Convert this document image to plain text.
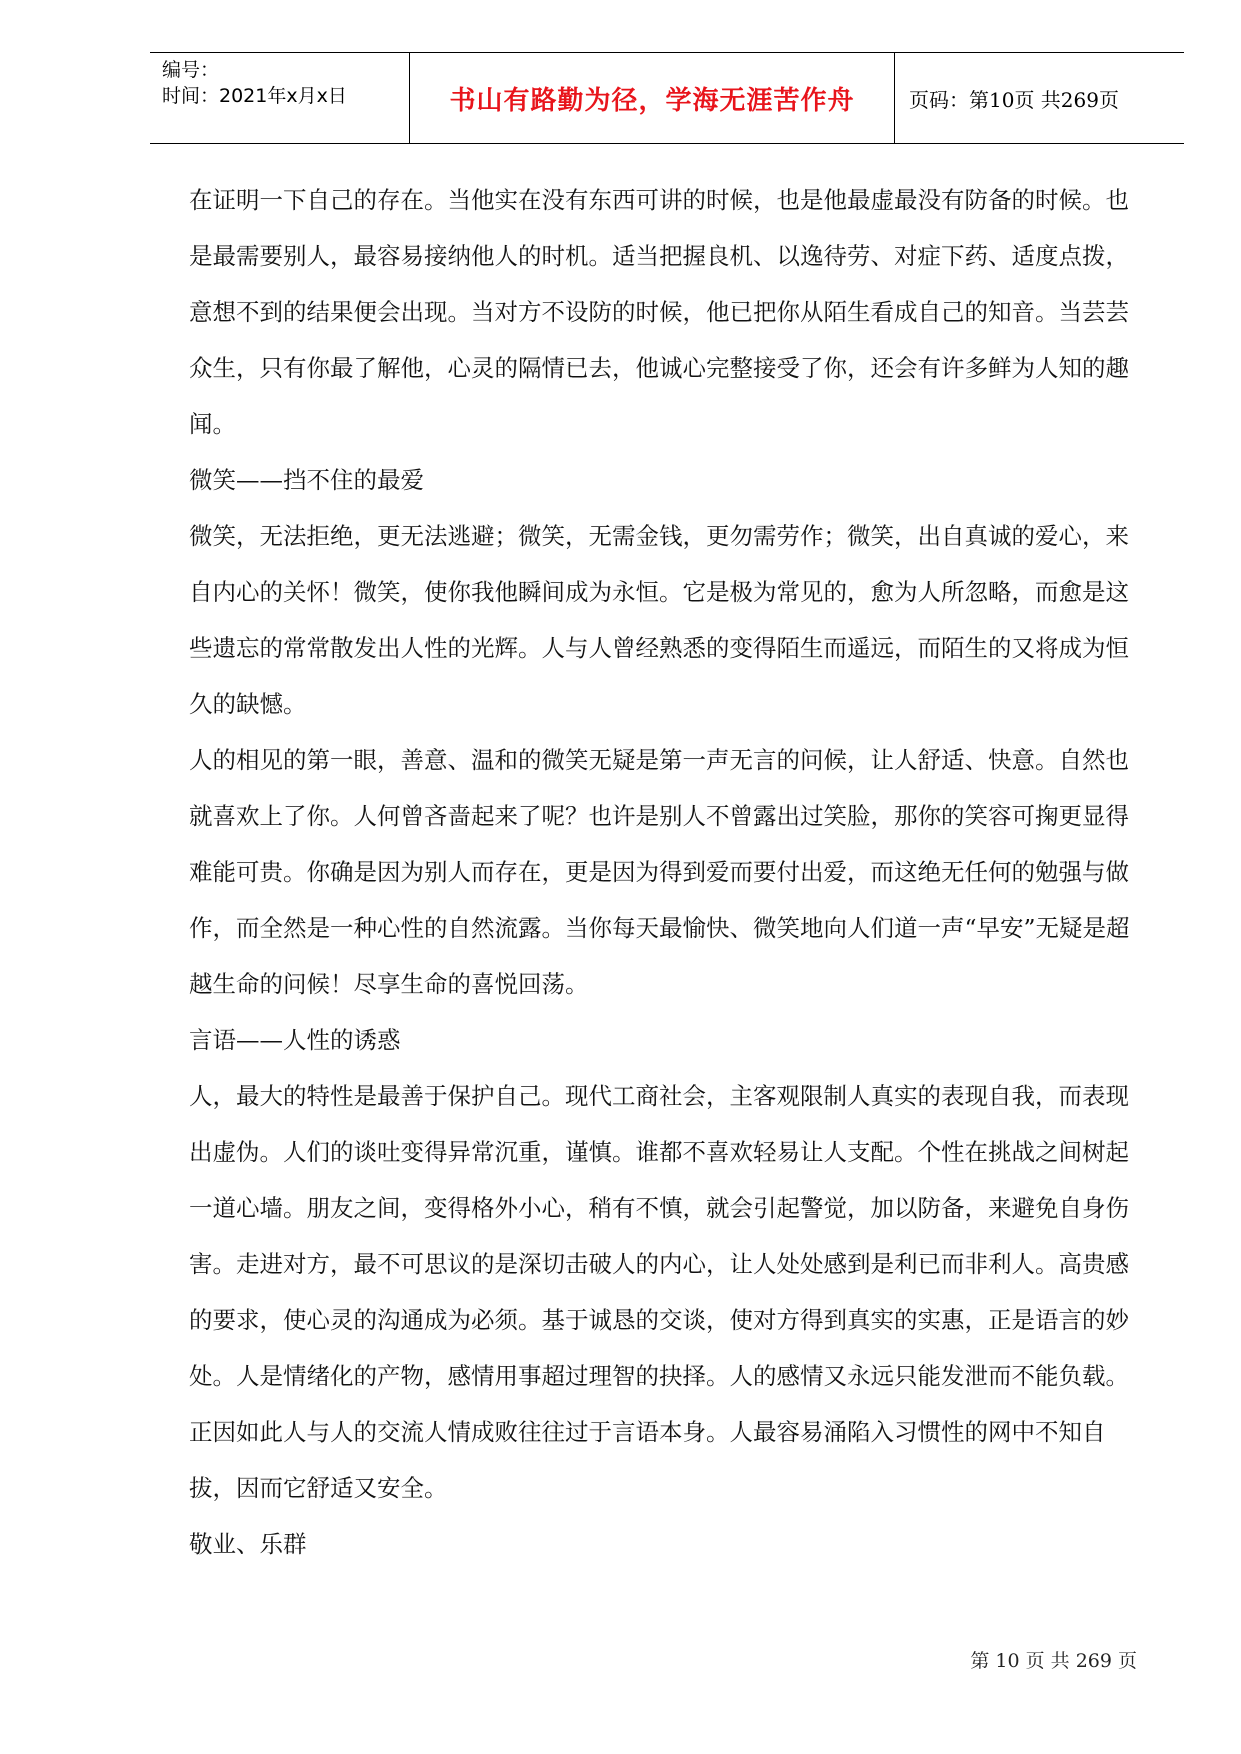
编号：
时间：2021年x月x日	书山有路勤为径，学海无涯苦作舟	页码：第10页 共269页

在证明一下自己的存在。当他实在没有东西可讲的时候，也是他最虚最没有防备的时候。也是最需要别人，最容易接纳他人的时机。适当把握良机、以逸待劳、对症下药、适度点拨，意想不到的结果便会出现。当对方不设防的时候，他已把你从陌生看成自己的知音。当芸芸众生，只有你最了解他，心灵的隔情已去，他诚心完整接受了你，还会有许多鲜为人知的趣闻。

微笑——挡不住的最爱

微笑，无法拒绝，更无法逃避；微笑，无需金钱，更勿需劳作；微笑，出自真诚的爱心，来自内心的关怀！微笑，使你我他瞬间成为永恒。它是极为常见的，愈为人所忽略，而愈是这些遗忘的常常散发出人性的光辉。人与人曾经熟悉的变得陌生而遥远，而陌生的又将成为恒久的缺憾。

人的相见的第一眼，善意、温和的微笑无疑是第一声无言的问候，让人舒适、快意。自然也就喜欢上了你。人何曾吝啬起来了呢？也许是别人不曾露出过笑脸，那你的笑容可掬更显得难能可贵。你确是因为别人而存在，更是因为得到爱而要付出爱，而这绝无任何的勉强与做作，而全然是一种心性的自然流露。当你每天最愉快、微笑地向人们道一声“早安”无疑是超越生命的问候！尽享生命的喜悦回荡。

言语——人性的诱惑

人，最大的特性是最善于保护自己。现代工商社会，主客观限制人真实的表现自我，而表现出虚伪。人们的谈吐变得异常沉重，谨慎。谁都不喜欢轻易让人支配。个性在挑战之间树起一道心墙。朋友之间，变得格外小心，稍有不慎，就会引起警觉，加以防备，来避免自身伤害。走进对方，最不可思议的是深切击破人的内心，让人处处感到是利已而非利人。高贵感的要求，使心灵的沟通成为必须。基于诚恳的交谈，使对方得到真实的实惠，正是语言的妙处。人是情绪化的产物，感情用事超过理智的抉择。人的感情又永远只能发泄而不能负载。正因如此人与人的交流人情成败往往过于言语本身。人最容易涌陷入习惯性的网中不知自拔，因而它舒适又安全。

敬业、乐群

第 10 页 共 269 页
